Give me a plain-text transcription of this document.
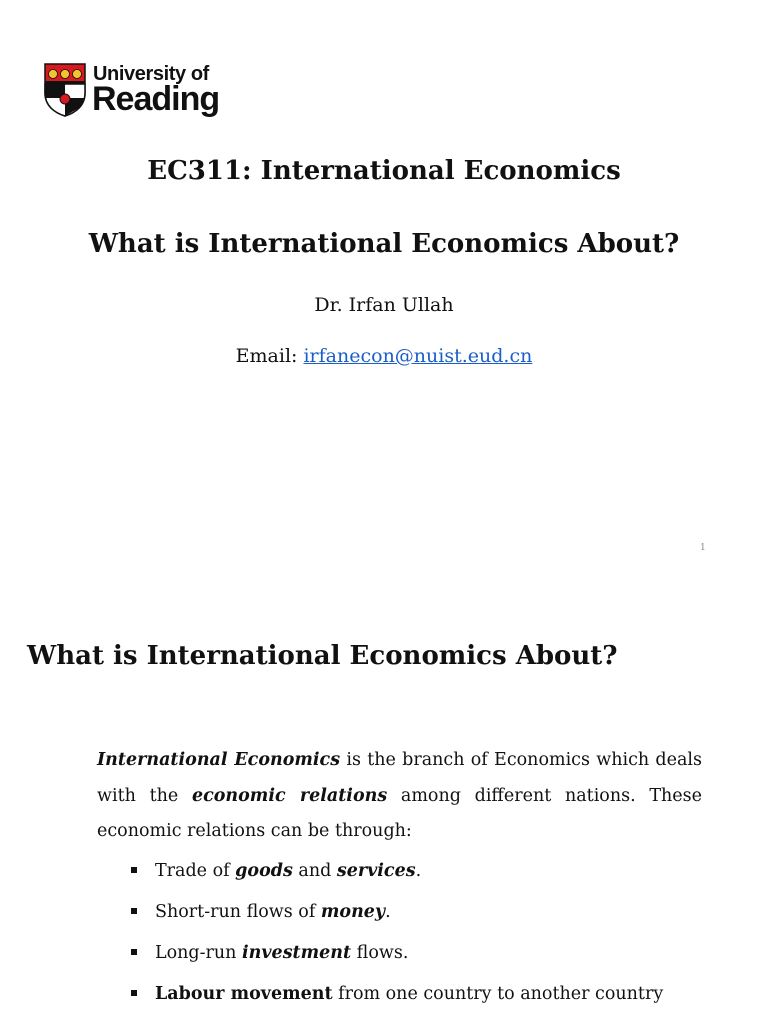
University of
Reading
EC311: International Economics
What is International Economics About?
Dr. Irfan Ullah
Email: irfanecon@nuist.eud.cn
1
What is International Economics About?
International Economics is the branch of Economics which deals with the economic relations among different nations. These economic relations can be through:
Trade of goods and services.
Short-run flows of money.
Long-run investment flows.
Labour movement from one country to another country
